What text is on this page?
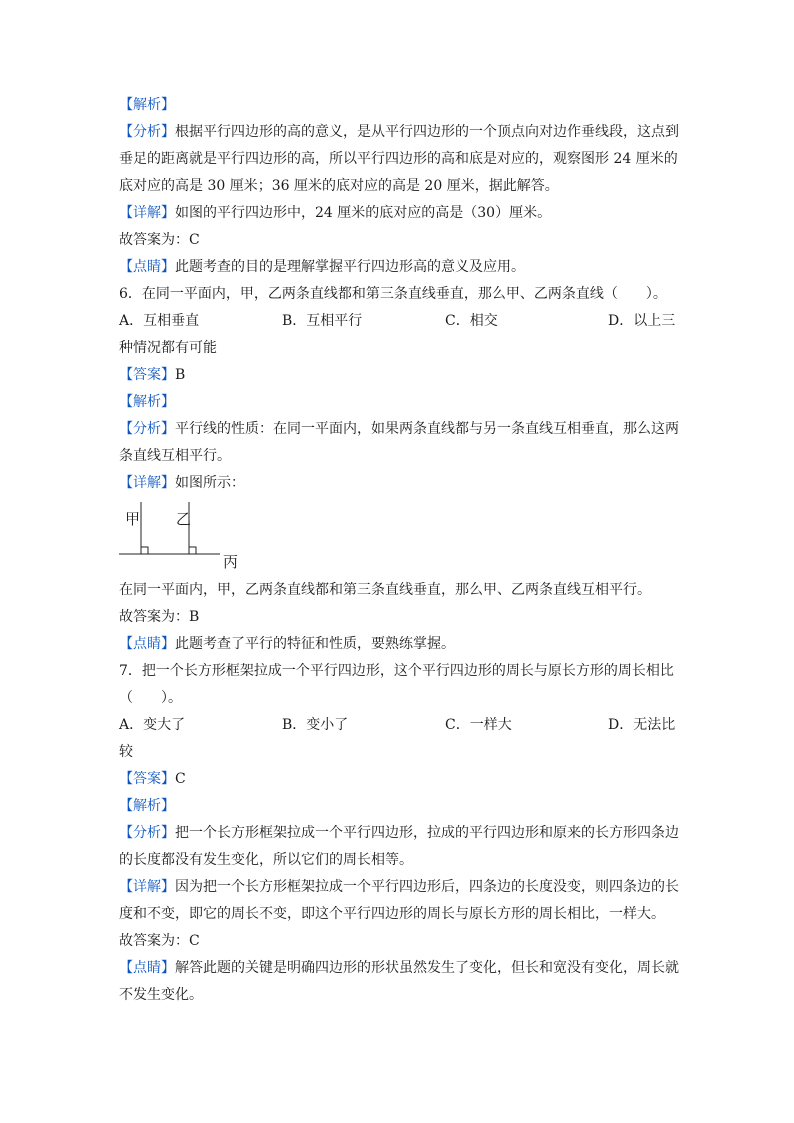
【解析】
【分析】根据平行四边形的高的意义，是从平行四边形的一个顶点向对边作垂线段，这点到
垂足的距离就是平行四边形的高，所以平行四边形的高和底是对应的，观察图形 24 厘米的
底对应的高是 30 厘米；36 厘米的底对应的高是 20 厘米，据此解答。
【详解】如图的平行四边形中，24 厘米的底对应的高是（30）厘米。
故答案为：C
【点睛】此题考查的目的是理解掌握平行四边形高的意义及应用。
6．在同一平面内，甲，乙两条直线都和第三条直线垂直，那么甲、乙两条直线（　　）。
A．互相垂直	B．互相平行	C．相交	D．以上三
种情况都有可能
【答案】B
【解析】
【分析】平行线的性质：在同一平面内，如果两条直线都与另一条直线互相垂直，那么这两
条直线互相平行。
【详解】如图所示：
甲 乙
丙
在同一平面内，甲，乙两条直线都和第三条直线垂直，那么甲、乙两条直线互相平行。
故答案为：B
【点睛】此题考查了平行的特征和性质，要熟练掌握。
7．把一个长方形框架拉成一个平行四边形，这个平行四边形的周长与原长方形的周长相比
（　　）。
A．变大了	B．变小了	C．一样大	D．无法比
较
【答案】C
【解析】
【分析】把一个长方形框架拉成一个平行四边形，拉成的平行四边形和原来的长方形四条边
的长度都没有发生变化，所以它们的周长相等。
【详解】因为把一个长方形框架拉成一个平行四边形后，四条边的长度没变，则四条边的长
度和不变，即它的周长不变，即这个平行四边形的周长与原长方形的周长相比，一样大。
故答案为：C
【点睛】解答此题的关键是明确四边形的形状虽然发生了变化，但长和宽没有变化，周长就
不发生变化。
